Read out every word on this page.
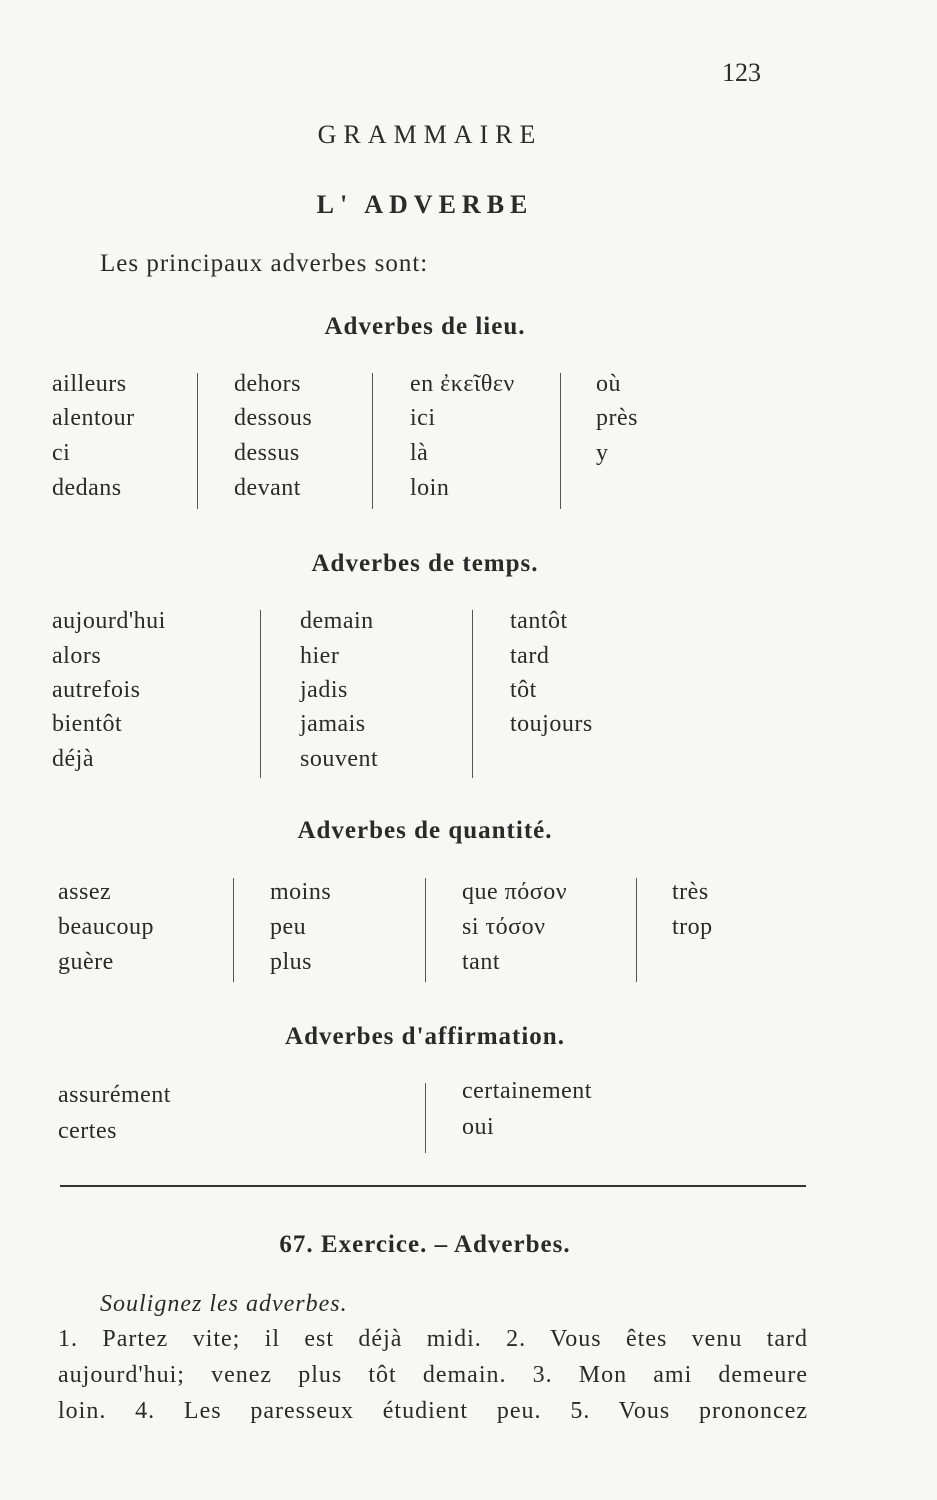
123
GRAMMAIRE
L' ADVERBE
Les principaux adverbes sont:
Adverbes de lieu.
ailleurs
alentour
ci
dedans
dehors
dessous
dessus
devant
en ἐκεῖθεν
ici
là
loin
où
près
y
Adverbes de temps.
aujourd'hui
alors
autrefois
bientôt
déjà
demain
hier
jadis
jamais
souvent
tantôt
tard
tôt
toujours
Adverbes de quantité.
assez
beaucoup
guère
moins
peu
plus
que πόσον
si τόσον
tant
très
trop
Adverbes d'affirmation.
assurément
certes
certainement
oui
67. Exercice. – Adverbes.
Soulignez les adverbes.
1. Partez vite; il est déjà midi. 2. Vous êtes venu tard
aujourd'hui; venez plus tôt demain. 3. Mon ami demeure
loin. 4. Les paresseux étudient peu. 5. Vous prononcez
